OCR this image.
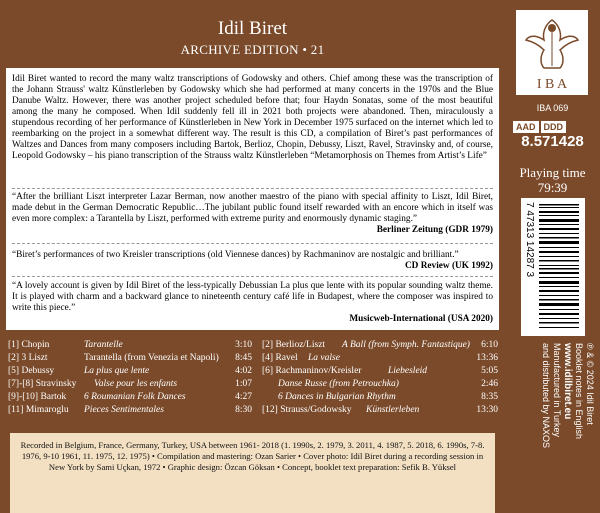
Idil Biret
ARCHIVE EDITION • 21

Idil Biret wanted to record the many waltz transcriptions of Godowsky and others. Chief among these was the transcription of the Johann Strauss' waltz Künstlerleben by Godowsky which she had performed at many concerts in the 1970s and the Blue Danube Waltz. However, there was another project scheduled before that; four Haydn Sonatas, some of the most beautiful among the many he composed. When Idil suddenly fell ill in 2021 both projects were abandoned. Then, miraculously a stupendous recording of her performance of Künstlerleben in New York in December 1975 surfaced on the internet which led to reembarking on the project in a somewhat different way. The result is this CD, a compilation of Biret’s past performances of Waltzes and Dances from many composers including Bartok, Berlioz, Chopin, Debussy, Liszt, Ravel, Stravinsky and, of course, Leopold Godowsky – his piano transcription of the Strauss waltz Künstlerleben “Metamorphosis on Themes from Artist’s Life”

“After the brilliant Liszt interpreter Lazar Berman, now another maestro of the piano with special affinity to Liszt, Idil Biret, made debut in the German Democratic Republic…The jubilant public found itself rewarded with an encore which in itself was even more complex: a Tarantella by Liszt, performed with extreme purity and enormously dynamic staging.”
Berliner Zeitung (GDR 1979)

“Biret’s performances of two Kreisler transcriptions (old Viennese dances) by Rachmaninov are nostalgic and brilliant.”
CD Review (UK 1992)

“A lovely account is given by Idil Biret of the less-typically Debussian La plus que lente with its popular sounding waltz theme. It is played with charm and a backward glance to nineteenth century café life in Budapest, where the composer was inspired to write this piece.”
Musicweb-International (USA 2020)

[1] Chopin	Tarantelle	3:10
[2] 3 Liszt	Tarantella (from Venezia et Napoli) 8:45
[5] Debussy	La plus que lente	4:02
[7]-[8] Stravinsky Valse pour les enfants	1:07
[9]-[10] Bartok 6 Roumanian Folk Dances	4:27
[11] Mimaroglu Pieces Sentimentales	8:30
[2] Berlioz/Liszt A Ball (from Symph. Fantastique) 6:10
[4] Ravel La valse	13:36
[6] Rachmaninov/Kreisler	Liebesleid	5:05
Danse Russe (from Petrouchka)	2:46
6 Dances in Bulgarian Rhythm	8:35
[12] Strauss/Godowsky Künstlerleben	13:30
Recorded in Belgium, France, Germany, Turkey, USA between 1961- 2018 (1. 1990s, 2. 1979, 3. 2011, 4. 1987, 5. 2018, 6. 1990s, 7-8. 1976, 9-10 1961, 11. 1975, 12. 1975) • Compilation and mastering: Ozan Sarier • Cover photo: Idil Biret during a recording session in New York by Sami Uçkan, 1972 • Graphic design: Özcan Göksan • Concept, booklet text preparation: Sefik B. Yüksel
I B A
IBA 069
AAD DDD
8.571428
Playing time
79:39
7 47313 14287 3
℗ & © 2024 Idil Biret
Booklet notes in English
www.idilbiret.eu
Manufactured in Turkey
and distributed by NAXOS
